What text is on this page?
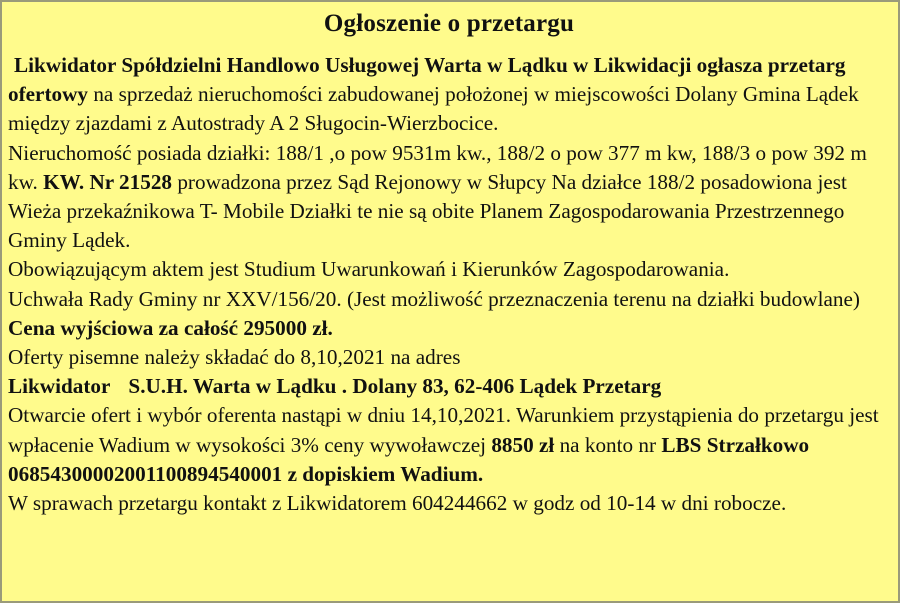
Ogłoszenie o przetargu

Likwidator Spółdzielni Handlowo Usługowej Warta w Lądku w Likwidacji ogłasza przetarg ofertowy na sprzedaż nieruchomości zabudowanej położonej w miejscowości Dolany Gmina Lądek między zjazdami z Autostrady A 2 Sługocin-Wierzbocice.

Nieruchomość posiada działki: 188/1 ,o pow 9531m kw., 188/2 o pow 377 m kw, 188/3 o pow 392 m kw. KW. Nr 21528 prowadzona przez Sąd Rejonowy w Słupcy Na działce 188/2 posadowiona jest Wieża przekaźnikowa T- Mobile Działki te nie są obite Planem Zagospodarowania Przestrzennego Gminy Lądek.

Obowiązującym aktem jest Studium Uwarunkowań i Kierunków Zagospodarowania.

Uchwała Rady Gminy nr XXV/156/20. (Jest możliwość przeznaczenia terenu na działki budowlane)

Cena wyjściowa za całość 295000 zł.

Oferty pisemne należy składać do 8,10,2021 na adres

Likwidator S.U.H. Warta w Lądku . Dolany 83, 62-406 Lądek Przetarg

Otwarcie ofert i wybór oferenta nastąpi w dniu 14,10,2021. Warunkiem przystąpienia do przetargu jest wpłacenie Wadium w wysokości 3% ceny wywoławczej 8850 zł na konto nr LBS Strzałkowo 06854300002001100894540001 z dopiskiem Wadium.

W sprawach przetargu kontakt z Likwidatorem 604244662 w godz od 10-14 w dni robocze.
